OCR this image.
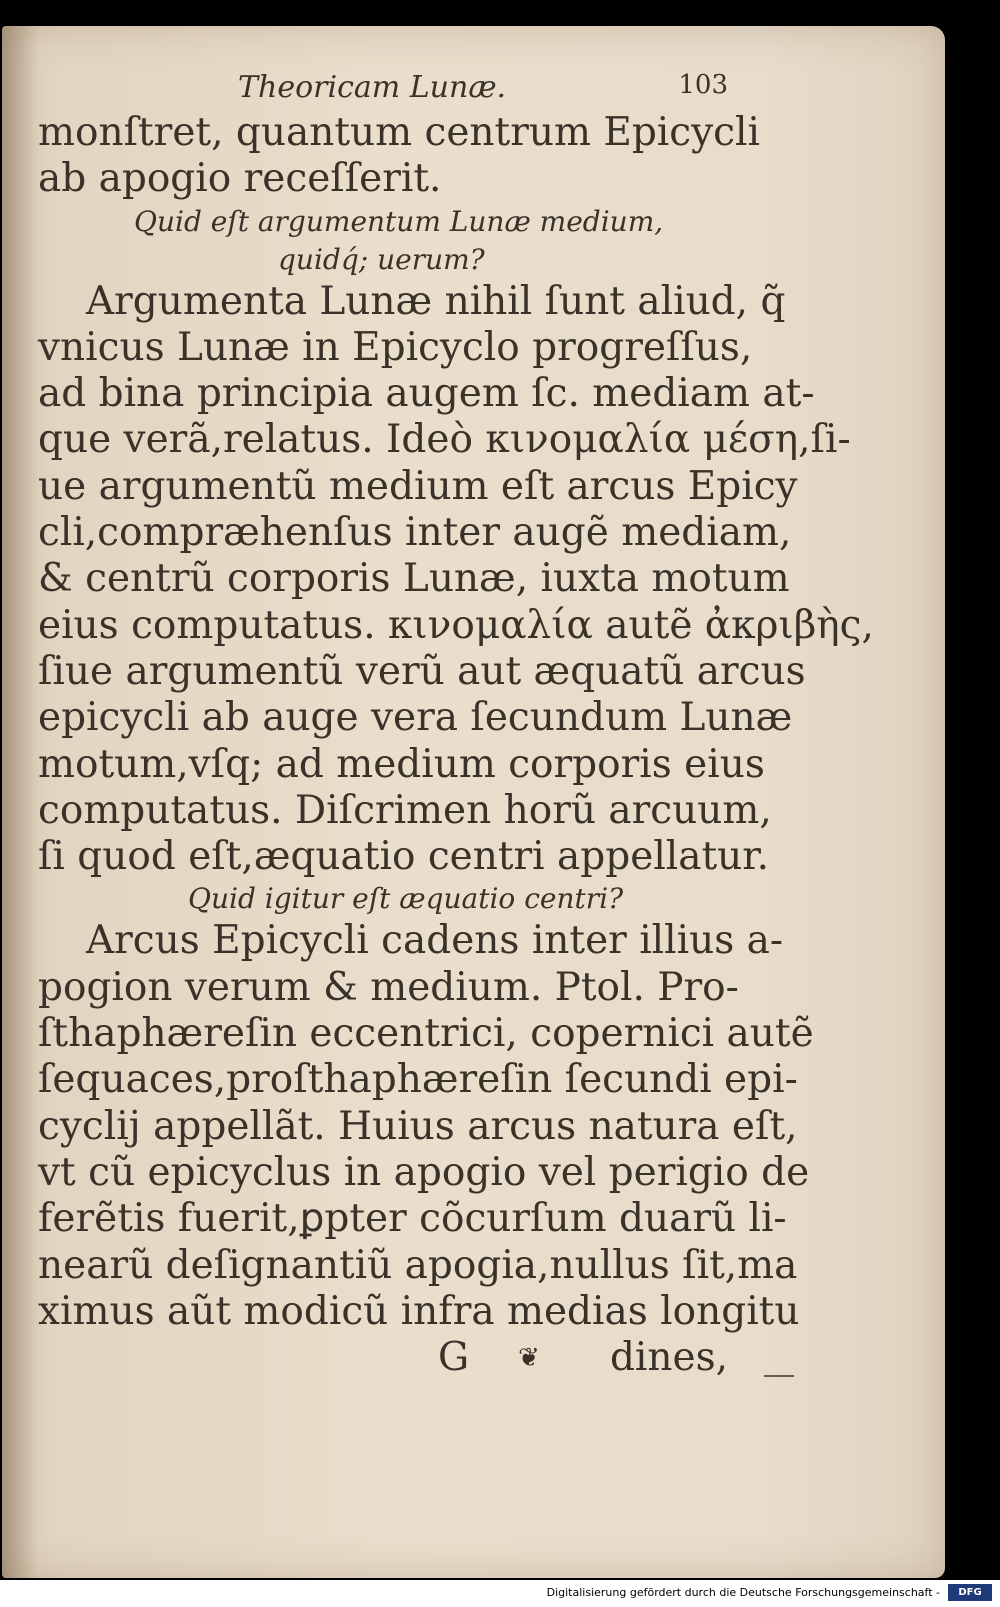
Theoricam Lunæ.	103
monſtret, quantum centrum Epicycli
ab apogio receſſerit.
Quid eſt argumentum Lunæ medium,
quidq́; uerum?
Argumenta Lunæ nihil ſunt aliud, q̃
vnicus Lunæ in Epicyclo progreſſus,
ad bina principia augem ſc. mediam at-
que verã,relatus. Ideò κινομαλία μέση,ſi-
ue argumentũ medium eſt arcus Epicy
cli,compræhenſus inter augẽ mediam,
& centrũ corporis Lunæ, iuxta motum
eius computatus. κινομαλία autẽ ἀκριβὴς,
ſiue argumentũ verũ aut æquatũ arcus
epicycli ab auge vera ſecundum Lunæ
motum,vſq; ad medium corporis eius
computatus. Diſcrimen horũ arcuum,
ſi quod eſt,æquatio centri appellatur.
Quid igitur eſt æquatio centri?
Arcus Epicycli cadens inter illius a-
pogion verum & medium. Ptol. Pro-
ſthaphæreſin eccentrici, copernici autẽ
ſequaces,proſthaphæreſin ſecundi epi-
cyclij appellãt. Huius arcus natura eſt,
vt cũ epicyclus in apogio vel perigio de
ferẽtis fuerit,ꝑpter cõcurſum duarũ li-
nearũ deſignantiũ apogia,nullus ſit,ma
ximus aũt modicũ infra medias longitu
G ❦ dines,
Digitalisierung gefördert durch die Deutsche Forschungsgemeinschaft -	DFG
